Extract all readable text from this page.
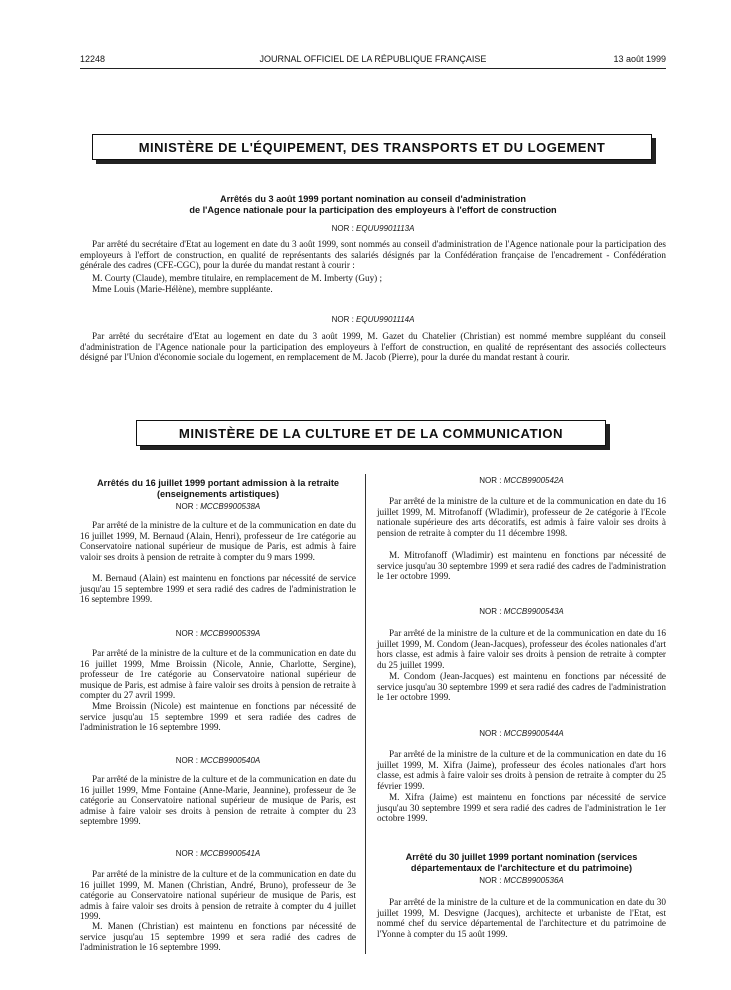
12248	JOURNAL OFFICIEL DE LA RÉPUBLIQUE FRANÇAISE	13 août 1999
MINISTÈRE DE L'ÉQUIPEMENT, DES TRANSPORTS ET DU LOGEMENT
Arrêtés du 3 août 1999 portant nomination au conseil d'administration
de l'Agence nationale pour la participation des employeurs à l'effort de construction
NOR : EQUU9901113A

Par arrêté du secrétaire d'Etat au logement en date du 3 août 1999, sont nommés au conseil d'administration de l'Agence nationale pour la participation des employeurs à l'effort de construction, en qualité de représentants des salariés désignés par la Confédération française de l'encadrement - Confédération générale des cadres (CFE-CGC), pour la durée du mandat restant à courir :

M. Courty (Claude), membre titulaire, en remplacement de M. Imberty (Guy) ;

Mme Louis (Marie-Hélène), membre suppléante.

NOR : EQUU9901114A

Par arrêté du secrétaire d'Etat au logement en date du 3 août 1999, M. Gazet du Chatelier (Christian) est nommé membre suppléant du conseil d'administration de l'Agence nationale pour la participation des employeurs à l'effort de construction, en qualité de représentant des associés collecteurs désigné par l'Union d'économie sociale du logement, en remplacement de M. Jacob (Pierre), pour la durée du mandat restant à courir.

MINISTÈRE DE LA CULTURE ET DE LA COMMUNICATION
Arrêtés du 16 juillet 1999 portant admission à la retraite
(enseignements artistiques)
NOR : MCCB9900538A

Par arrêté de la ministre de la culture et de la communication en date du 16 juillet 1999, M. Bernaud (Alain, Henri), professeur de 1re catégorie au Conservatoire national supérieur de musique de Paris, est admis à faire valoir ses droits à pension de retraite à compter du 9 mars 1999.

M. Bernaud (Alain) est maintenu en fonctions par nécessité de service jusqu'au 15 septembre 1999 et sera radié des cadres de l'administration le 16 septembre 1999.

NOR : MCCB9900539A

Par arrêté de la ministre de la culture et de la communication en date du 16 juillet 1999, Mme Broissin (Nicole, Annie, Charlotte, Sergine), professeur de 1re catégorie au Conservatoire national supérieur de musique de Paris, est admise à faire valoir ses droits à pension de retraite à compter du 27 avril 1999.

Mme Broissin (Nicole) est maintenue en fonctions par nécessité de service jusqu'au 15 septembre 1999 et sera radiée des cadres de l'administration le 16 septembre 1999.

NOR : MCCB9900540A

Par arrêté de la ministre de la culture et de la communication en date du 16 juillet 1999, Mme Fontaine (Anne-Marie, Jeannine), professeur de 3e catégorie au Conservatoire national supérieur de musique de Paris, est admise à faire valoir ses droits à pension de retraite à compter du 23 septembre 1999.

NOR : MCCB9900541A

Par arrêté de la ministre de la culture et de la communication en date du 16 juillet 1999, M. Manen (Christian, André, Bruno), professeur de 3e catégorie au Conservatoire national supérieur de musique de Paris, est admis à faire valoir ses droits à pension de retraite à compter du 4 juillet 1999.

M. Manen (Christian) est maintenu en fonctions par nécessité de service jusqu'au 15 septembre 1999 et sera radié des cadres de l'administration le 16 septembre 1999.

NOR : MCCB9900542A

Par arrêté de la ministre de la culture et de la communication en date du 16 juillet 1999, M. Mitrofanoff (Wladimir), professeur de 2e catégorie à l'Ecole nationale supérieure des arts décoratifs, est admis à faire valoir ses droits à pension de retraite à compter du 11 décembre 1998.

M. Mitrofanoff (Wladimir) est maintenu en fonctions par nécessité de service jusqu'au 30 septembre 1999 et sera radié des cadres de l'administration le 1er octobre 1999.

NOR : MCCB9900543A

Par arrêté de la ministre de la culture et de la communication en date du 16 juillet 1999, M. Condom (Jean-Jacques), professeur des écoles nationales d'art hors classe, est admis à faire valoir ses droits à pension de retraite à compter du 25 juillet 1999.

M. Condom (Jean-Jacques) est maintenu en fonctions par nécessité de service jusqu'au 30 septembre 1999 et sera radié des cadres de l'administration le 1er octobre 1999.

NOR : MCCB9900544A

Par arrêté de la ministre de la culture et de la communication en date du 16 juillet 1999, M. Xifra (Jaime), professeur des écoles nationales d'art hors classe, est admis à faire valoir ses droits à pension de retraite à compter du 25 février 1999.

M. Xifra (Jaime) est maintenu en fonctions par nécessité de service jusqu'au 30 septembre 1999 et sera radié des cadres de l'administration le 1er octobre 1999.

Arrêté du 30 juillet 1999 portant nomination (services
départementaux de l'architecture et du patrimoine)
NOR : MCCB9900536A

Par arrêté de la ministre de la culture et de la communication en date du 30 juillet 1999, M. Desvigne (Jacques), architecte et urbaniste de l'Etat, est nommé chef du service départemental de l'architecture et du patrimoine de l'Yonne à compter du 15 août 1999.
